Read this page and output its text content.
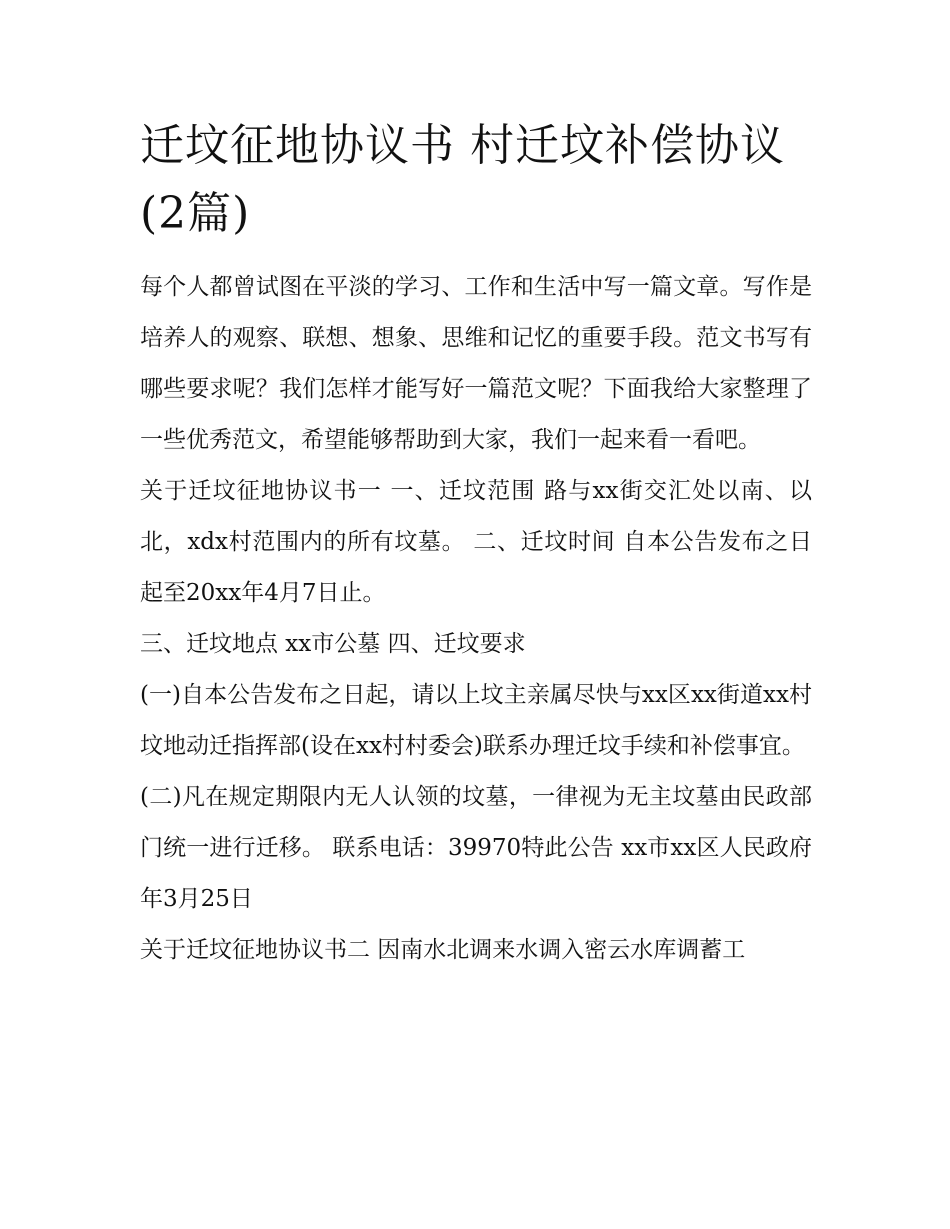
迁坟征地协议书 村迁坟补偿协议(2篇)

每个人都曾试图在平淡的学习、工作和生活中写一篇文章。写作是培养人的观察、联想、想象、思维和记忆的重要手段。范文书写有哪些要求呢？我们怎样才能写好一篇范文呢？下面我给大家整理了一些优秀范文，希望能够帮助到大家，我们一起来看一看吧。

关于迁坟征地协议书一 一、迁坟范围 路与xx街交汇处以南、以北，xdx村范围内的所有坟墓。 二、迁坟时间 自本公告发布之日起至20xx年4月7日止。

三、迁坟地点 xx市公墓 四、迁坟要求

(一)自本公告发布之日起，请以上坟主亲属尽快与xx区xx街道xx村坟地动迁指挥部(设在xx村村委会)联系办理迁坟手续和补偿事宜。

(二)凡在规定期限内无人认领的坟墓，一律视为无主坟墓由民政部门统一进行迁移。 联系电话：39970特此公告 xx市xx区人民政府 年3月25日

关于迁坟征地协议书二 因南水北调来水调入密云水库调蓄工
